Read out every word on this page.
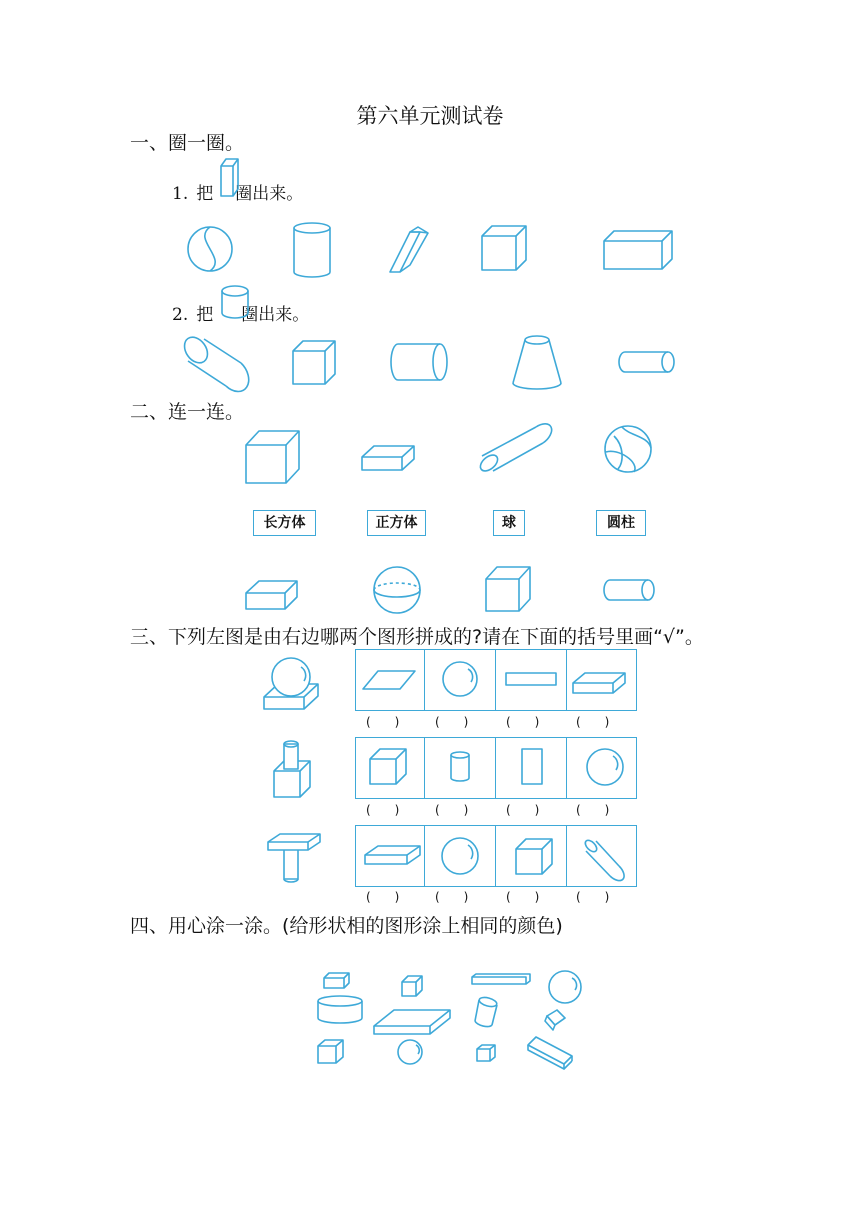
第六单元测试卷
一、圈一圈。
1. 把 圈出来。
2. 把 圈出来。
二、连一连。
长方体	正方体	球	圆柱
三、下列左图是由右边哪两个图形拼成的?请在下面的括号里画“√”。
(　　)	(　　)	(　　)	(　　)
(　　)	(　　)	(　　)	(　　)
(　　)	(　　)	(　　)	(　　)
四、用心涂一涂。(给形状相的图形涂上相同的颜色)
